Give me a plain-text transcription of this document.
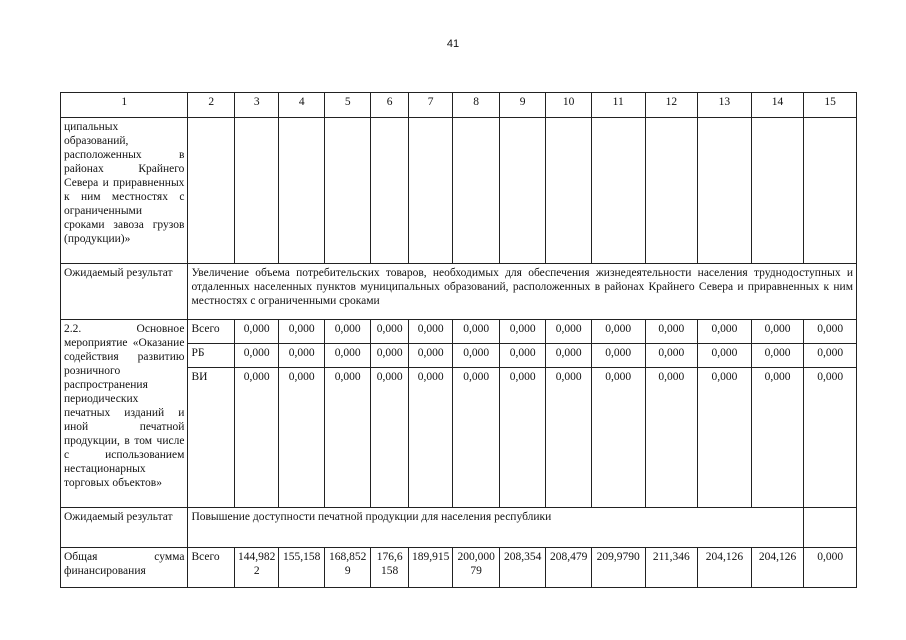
41
1	2	3	4	5	6	7	8	9	10	11	12	13	14	15
ципальных образований, расположенных в районах Крайнего Севера и приравненных к ним местностях с ограниченными сроками завоза грузов (продукции)»														
Ожидаемый результат	Увеличение объема потребительских товаров, необходимых для обеспечения жизнедеятельности населения труднодоступных и отдаленных населенных пунктов муниципальных образований, расположенных в районах Крайнего Севера и приравненных к ним местностях с ограниченными сроками													
2.2. Основное мероприятие «Оказание содействия развитию розничного распространения периодических печатных изданий и иной печатной продукции, в том числе с использованием нестационарных торговых объектов»	Всего	0,000	0,000	0,000	0,000	0,000	0,000	0,000	0,000	0,000	0,000	0,000	0,000	0,000
	РБ	0,000	0,000	0,000	0,000	0,000	0,000	0,000	0,000	0,000	0,000	0,000	0,000	0,000
	ВИ	0,000	0,000	0,000	0,000	0,000	0,000	0,000	0,000	0,000	0,000	0,000	0,000	0,000
Ожидаемый результат	Повышение доступности печатной продукции для населения республики													
Общая сумма финансирования	Всего	144,9822	155,158	168,8529	176,6158	189,915	200,00079	208,354	208,479	209,9790	211,346	204,126	204,126	0,000
